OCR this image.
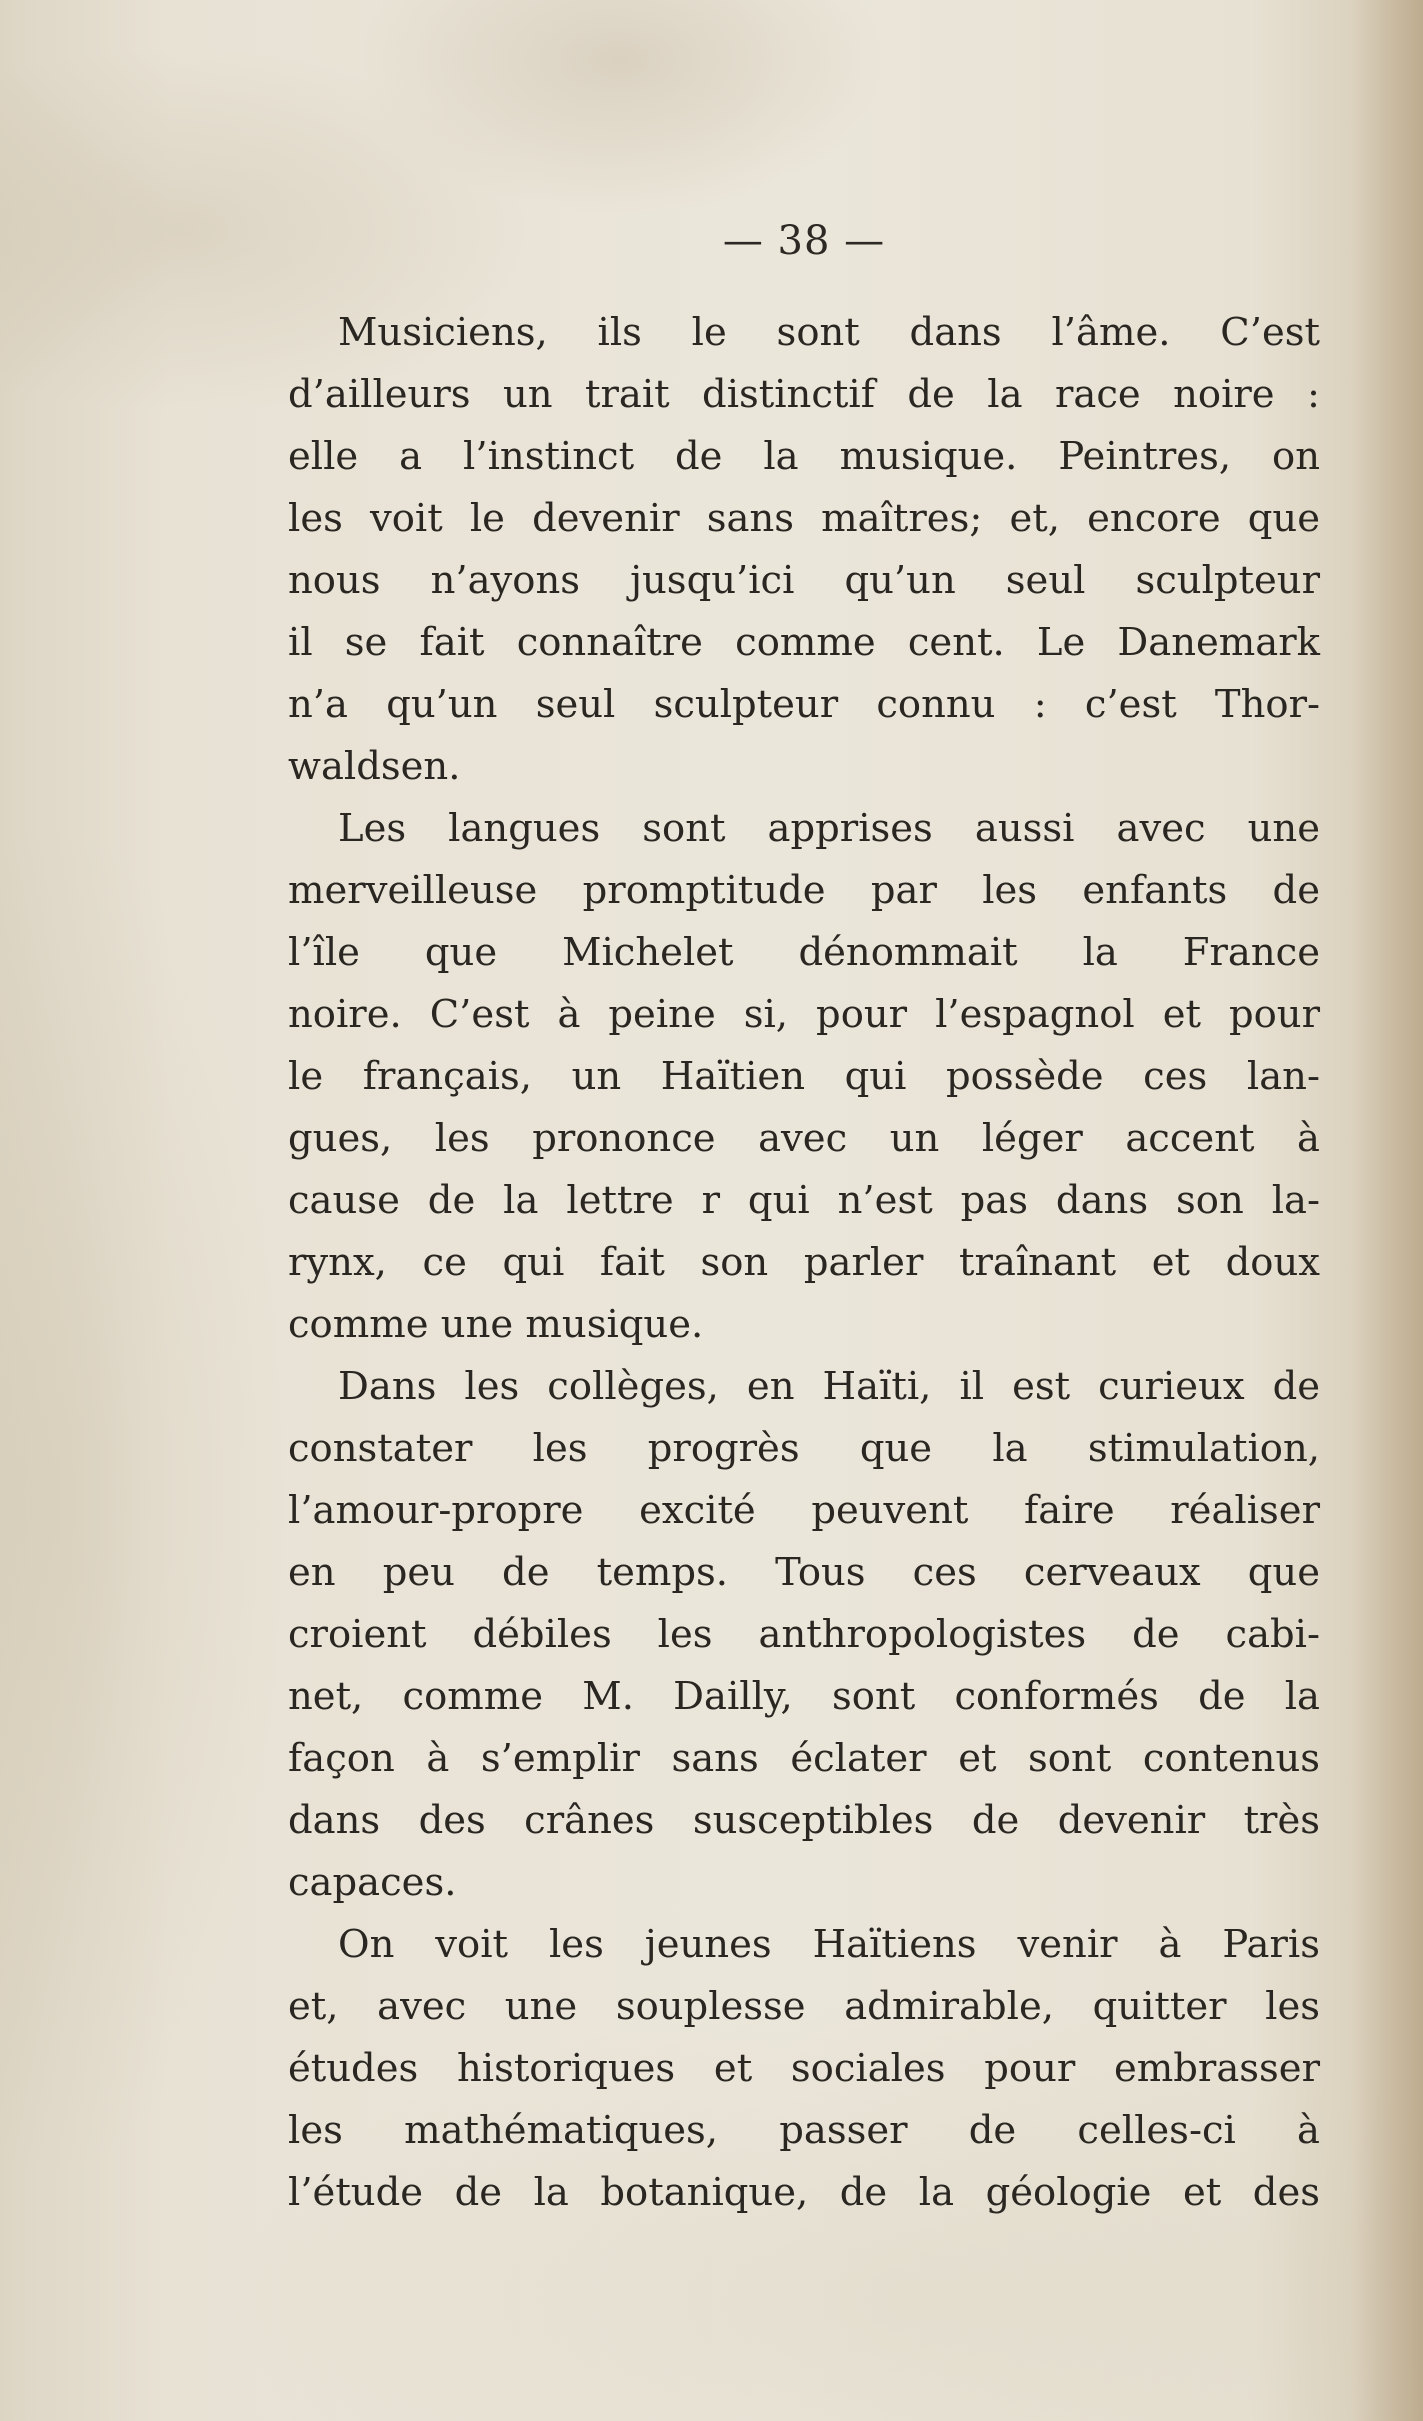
— 38 —
Musiciens, ils le sont dans l’âme. C’est
d’ailleurs un trait distinctif de la race noire :
elle a l’instinct de la musique. Peintres, on
les voit le devenir sans maîtres; et, encore que
nous n’ayons jusqu’ici qu’un seul sculpteur
il se fait connaître comme cent. Le Danemark
n’a qu’un seul sculpteur connu : c’est Thor-
waldsen.
Les langues sont apprises aussi avec une
merveilleuse promptitude par les enfants de
l’île que Michelet dénommait la France
noire. C’est à peine si, pour l’espagnol et pour
le français, un Haïtien qui possède ces lan-
gues, les prononce avec un léger accent à
cause de la lettre r qui n’est pas dans son la-
rynx, ce qui fait son parler traînant et doux
comme une musique.
Dans les collèges, en Haïti, il est curieux de
constater les progrès que la stimulation,
l’amour-propre excité peuvent faire réaliser
en peu de temps. Tous ces cerveaux que
croient débiles les anthropologistes de cabi-
net, comme M. Dailly, sont conformés de la
façon à s’emplir sans éclater et sont contenus
dans des crânes susceptibles de devenir très
capaces.
On voit les jeunes Haïtiens venir à Paris
et, avec une souplesse admirable, quitter les
études historiques et sociales pour embrasser
les mathématiques, passer de celles-ci à
l’étude de la botanique, de la géologie et des
